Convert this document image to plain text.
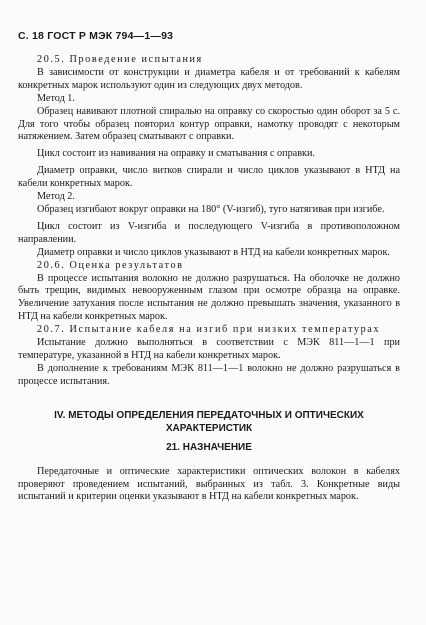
С. 18 ГОСТ Р МЭК 794—1—93

20.5. Проведение испытания

В зависимости от конструкции и диаметра кабеля и от требований к кабелям конкретных марок используют один из следующих двух методов.

Метод 1.

Образец навивают плотной спиралью на оправку со скоростью один оборот за 5 с. Для того чтобы образец повторил контур оправки, намотку проводят с некоторым натяжением. Затем образец сматывают с оправки.

Цикл состоит из навивания на оправку и сматывания с оправки.

Диаметр оправки, число витков спирали и число циклов указывают в НТД на кабели конкретных марок.

Метод 2.

Образец изгибают вокруг оправки на 180° (V-изгиб), туго натягивая при изгибе.

Цикл состоит из V-изгиба и последующего V-изгиба в противоположном направлении.

Диаметр оправки и число циклов указывают в НТД на кабели конкретных марок.

20.6. Оценка результатов

В процессе испытания волокно не должно разрушаться. На оболочке не должно быть трещин, видимых невооруженным глазом при осмотре образца на оправке. Увеличение затухания после испытания не должно превышать значения, указанного в НТД на кабели конкретных марок.

20.7. Испытание кабеля на изгиб при низких температурах

Испытание должно выполняться в соответствии с МЭК 811—1—1 при температуре, указанной в НТД на кабели конкретных марок.

В дополнение к требованиям МЭК 811—1—1 волокно не должно разрушаться в процессе испытания.

IV. МЕТОДЫ ОПРЕДЕЛЕНИЯ ПЕРЕДАТОЧНЫХ И ОПТИЧЕСКИХ ХАРАКТЕРИСТИК

21. НАЗНАЧЕНИЕ

Передаточные и оптические характеристики оптических волокон в кабелях проверяют проведением испытаний, выбранных из табл. 3. Конкретные виды испытаний и критерии оценки указывают в НТД на кабели конкретных марок.
